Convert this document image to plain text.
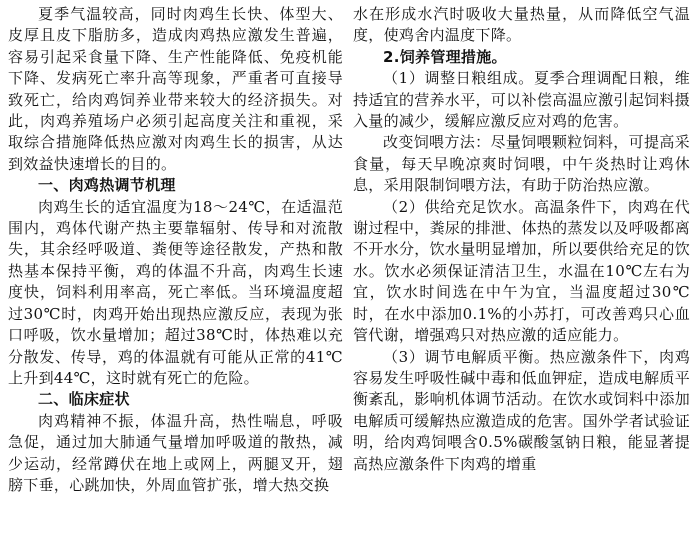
夏季气温较高，同时肉鸡生长快、体型大、皮厚且皮下脂肪多，造成肉鸡热应激发生普遍，容易引起采食量下降、生产性能降低、免疫机能下降、发病死亡率升高等现象，严重者可直接导致死亡，给肉鸡饲养业带来较大的经济损失。对此，肉鸡养殖场户必须引起高度关注和重视，采取综合措施降低热应激对肉鸡生长的损害，从达到效益快速增长的目的。

一、肉鸡热调节机理

肉鸡生长的适宜温度为18～24℃，在适温范围内，鸡体代谢产热主要靠辐射、传导和对流散失，其余经呼吸道、粪便等途径散发，产热和散热基本保持平衡，鸡的体温不升高，肉鸡生长速度快，饲料利用率高，死亡率低。当环境温度超过30℃时，肉鸡开始出现热应激反应，表现为张口呼吸，饮水量增加；超过38℃时，体热难以充分散发、传导，鸡的体温就有可能从正常的41℃上升到44℃，这时就有死亡的危险。

二、临床症状

肉鸡精神不振，体温升高，热性喘息，呼吸急促，通过加大肺通气量增加呼吸道的散热，减少运动，经常蹲伏在地上或网上，两腿叉开，翅膀下垂，心跳加快，外周血管扩张，增大热交换

水在形成水汽时吸收大量热量，从而降低空气温度，使鸡舍内温度下降。

2.饲养管理措施。

（1）调整日粮组成。夏季合理调配日粮，维持适宜的营养水平，可以补偿高温应激引起饲料摄入量的减少，缓解应激反应对鸡的危害。

改变饲喂方法：尽量饲喂颗粒饲料，可提高采食量，每天早晚凉爽时饲喂，中午炎热时让鸡休息，采用限制饲喂方法，有助于防治热应激。

（2）供给充足饮水。高温条件下，肉鸡在代谢过程中，粪尿的排泄、体热的蒸发以及呼吸都离不开水分，饮水量明显增加，所以要供给充足的饮水。饮水必须保证清洁卫生，水温在10℃左右为宜，饮水时间选在中午为宜，当温度超过30℃时，在水中添加0.1%的小苏打，可改善鸡只心血管代谢，增强鸡只对热应激的适应能力。

（3）调节电解质平衡。热应激条件下，肉鸡容易发生呼吸性碱中毒和低血钾症，造成电解质平衡紊乱，影响机体调节活动。在饮水或饲料中添加电解质可缓解热应激造成的危害。国外学者试验证明，给肉鸡饲喂含0.5%碳酸氢钠日粮，能显著提高热应激条件下肉鸡的增重
